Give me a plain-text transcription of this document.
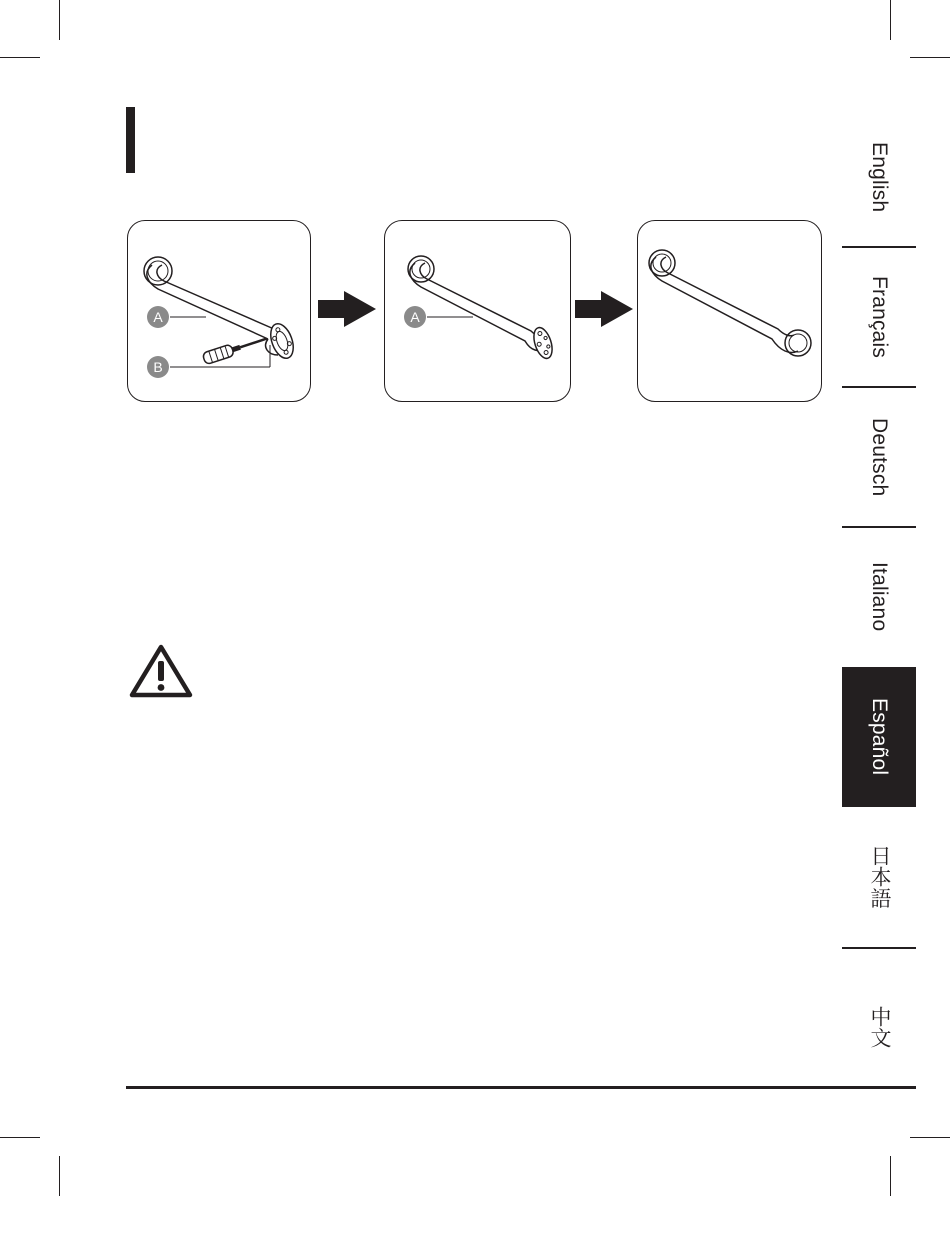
A
B
A
English
Français
Deutsch
Italiano
Español
日本語
中文
